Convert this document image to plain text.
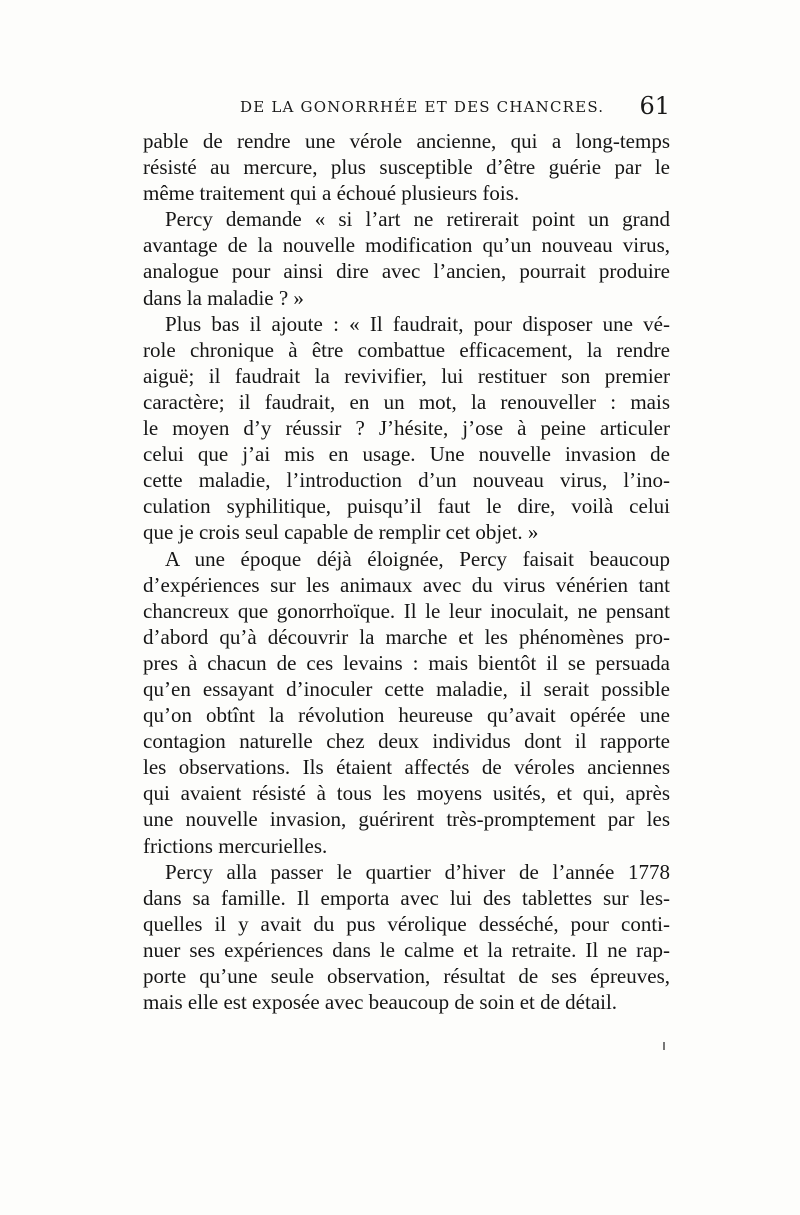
DE LA GONORRHÉE ET DES CHANCRES. 61

pable de rendre une vérole ancienne, qui a long-temps
résisté au mercure, plus susceptible d’être guérie par le
même traitement qui a échoué plusieurs fois.

Percy demande « si l’art ne retirerait point un grand
avantage de la nouvelle modification qu’un nouveau virus,
analogue pour ainsi dire avec l’ancien, pourrait produire
dans la maladie ? »

Plus bas il ajoute : « Il faudrait, pour disposer une vé-
role chronique à être combattue efficacement, la rendre
aiguë; il faudrait la revivifier, lui restituer son premier
caractère; il faudrait, en un mot, la renouveller : mais
le moyen d’y réussir ? J’hésite, j’ose à peine articuler
celui que j’ai mis en usage. Une nouvelle invasion de
cette maladie, l’introduction d’un nouveau virus, l’ino-
culation syphilitique, puisqu’il faut le dire, voilà celui
que je crois seul capable de remplir cet objet. »

A une époque déjà éloignée, Percy faisait beaucoup
d’expériences sur les animaux avec du virus vénérien tant
chancreux que gonorrhoïque. Il le leur inoculait, ne pensant
d’abord qu’à découvrir la marche et les phénomènes pro-
pres à chacun de ces levains : mais bientôt il se persuada
qu’en essayant d’inoculer cette maladie, il serait possible
qu’on obtînt la révolution heureuse qu’avait opérée une
contagion naturelle chez deux individus dont il rapporte
les observations. Ils étaient affectés de véroles anciennes
qui avaient résisté à tous les moyens usités, et qui, après
une nouvelle invasion, guérirent très-promptement par les
frictions mercurielles.

Percy alla passer le quartier d’hiver de l’année 1778
dans sa famille. Il emporta avec lui des tablettes sur les-
quelles il y avait du pus vérolique desséché, pour conti-
nuer ses expériences dans le calme et la retraite. Il ne rap-
porte qu’une seule observation, résultat de ses épreuves,
mais elle est exposée avec beaucoup de soin et de détail.
